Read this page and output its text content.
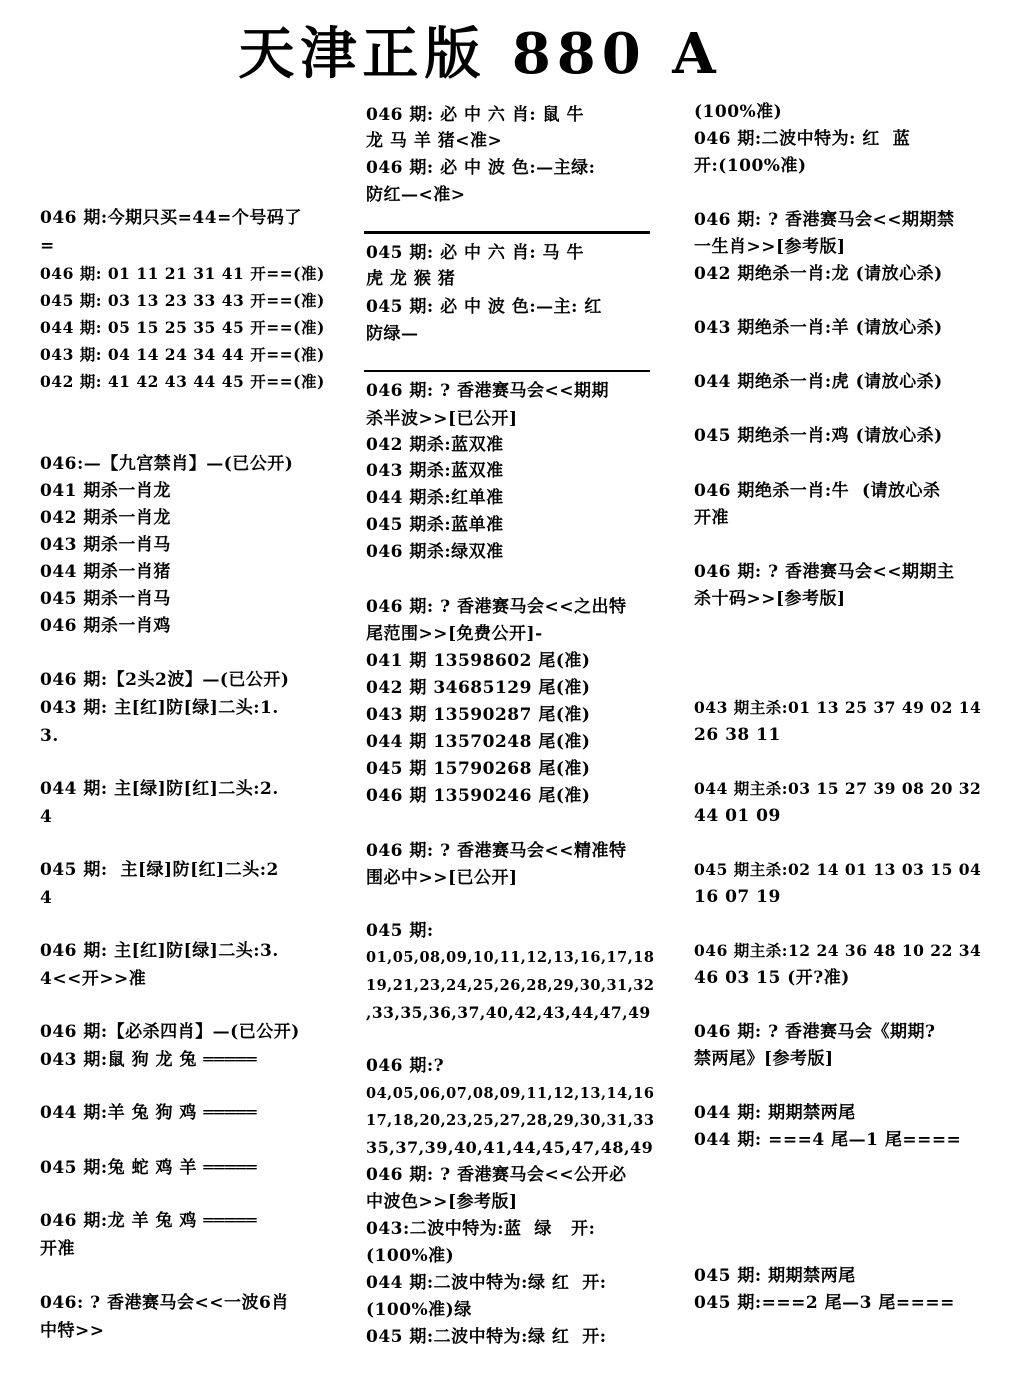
天津正版 880 A
046 期:今期只买=44=个号码了
=
046 期: 01 11 21 31 41 开==(准)
045 期: 03 13 23 33 43 开==(准)
044 期: 05 15 25 35 45 开==(准)
043 期: 04 14 24 34 44 开==(准)
042 期: 41 42 43 44 45 开==(准)
046:—【九宫禁肖】—(已公开)
041 期杀一肖龙
042 期杀一肖龙
043 期杀一肖马
044 期杀一肖猪
045 期杀一肖马
046 期杀一肖鸡
046 期:【2头2波】—(已公开)
043 期: 主[红]防[绿]二头:1.
3.
044 期: 主[绿]防[红]二头:2.
4
045 期:  主[绿]防[红]二头:2
4
046 期: 主[红]防[绿]二头:3.
4<<开>>准
046 期:【必杀四肖】—(已公开)
043 期:鼠 狗 龙 兔 ═════
044 期:羊 兔 狗 鸡 ═════
045 期:兔 蛇 鸡 羊 ═════
046 期:龙 羊 兔 鸡 ═════
开准
046: ? 香港赛马会<<一波6肖
中特>>
046 期: 必 中 六 肖: 鼠 牛
龙 马 羊 猪<准>
046 期: 必 中 波 色:—主绿:
防红—<准>
045 期: 必 中 六 肖: 马 牛
虎 龙 猴 猪
045 期: 必 中 波 色:—主: 红
防绿—
046 期: ? 香港赛马会<<期期
杀半波>>[已公开]
042 期杀:蓝双准
043 期杀:蓝双准
044 期杀:红单准
045 期杀:蓝单准
046 期杀:绿双准
046 期: ? 香港赛马会<<之出特
尾范围>>[免费公开]-
041 期 13598602 尾(准)
042 期 34685129 尾(准)
043 期 13590287 尾(准)
044 期 13570248 尾(准)
045 期 15790268 尾(准)
046 期 13590246 尾(准)
046 期: ? 香港赛马会<<精准特
围必中>>[已公开]
045 期:
01,05,08,09,10,11,12,13,16,17,18
19,21,23,24,25,26,28,29,30,31,32
,33,35,36,37,40,42,43,44,47,49
046 期:?
04,05,06,07,08,09,11,12,13,14,16
17,18,20,23,25,27,28,29,30,31,33
35,37,39,40,41,44,45,47,48,49
046 期: ? 香港赛马会<<公开必
中波色>>[参考版]
043:二波中特为:蓝  绿   开:
(100%准)
044 期:二波中特为:绿 红  开:
(100%准)绿
045 期:二波中特为:绿 红  开:
(100%准)
046 期:二波中特为: 红  蓝
开:(100%准)
046 期: ? 香港赛马会<<期期禁
一生肖>>[参考版]
042 期绝杀一肖:龙 (请放心杀)
043 期绝杀一肖:羊 (请放心杀)
044 期绝杀一肖:虎 (请放心杀)
045 期绝杀一肖:鸡 (请放心杀)
046 期绝杀一肖:牛  (请放心杀
开准
046 期: ? 香港赛马会<<期期主
杀十码>>[参考版]
043 期主杀:01 13 25 37 49 02 14
26 38 11
044 期主杀:03 15 27 39 08 20 32
44 01 09
045 期主杀:02 14 01 13 03 15 04
16 07 19
046 期主杀:12 24 36 48 10 22 34
46 03 15 (开?准)
046 期: ? 香港赛马会《期期?
禁两尾》[参考版]
044 期: 期期禁两尾
044 期: ===4 尾—1 尾====
045 期: 期期禁两尾
045 期:===2 尾—3 尾====
